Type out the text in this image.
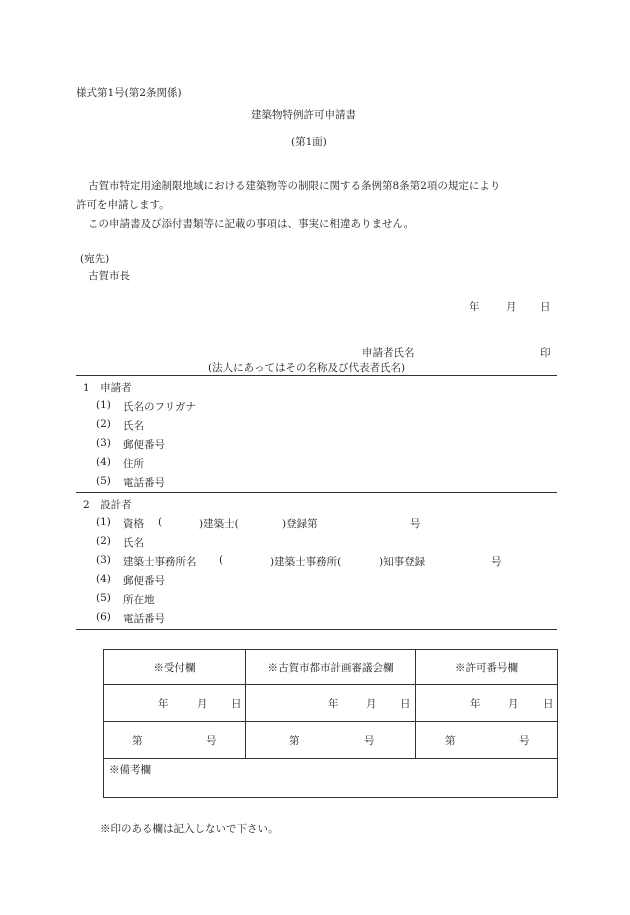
様式第1号(第2条関係)
建築物特例許可申請書
(第1面)
古賀市特定用途制限地域における建築物等の制限に関する条例第8条第2項の規定により
許可を申請します。
この申請書及び添付書類等に記載の事項は、事実に相違ありません。
(宛先)
古賀市長
年	月 日
申請者氏名	印
(法人にあってはその名称及び代表者氏名)
1　申請者
(1) 氏名のフリガナ
(2) 氏名
(3) 郵便番号
(4) 住所
(5) 電話番号
2　設計者
(1) 資格 (	)建築士(	)登録第	号
(2) 氏名
(3) 建築士事務所名 (	)建築士事務所(	)知事登録	号
(4) 郵便番号
(5) 所在地
(6) 電話番号
※受付欄	※古賀市都市計画審議会欄	※許可番号欄

年 月 日	年 月 日	年 月 日

第 号	第 号	第 号

※備考欄		
※印のある欄は記入しないで下さい。
